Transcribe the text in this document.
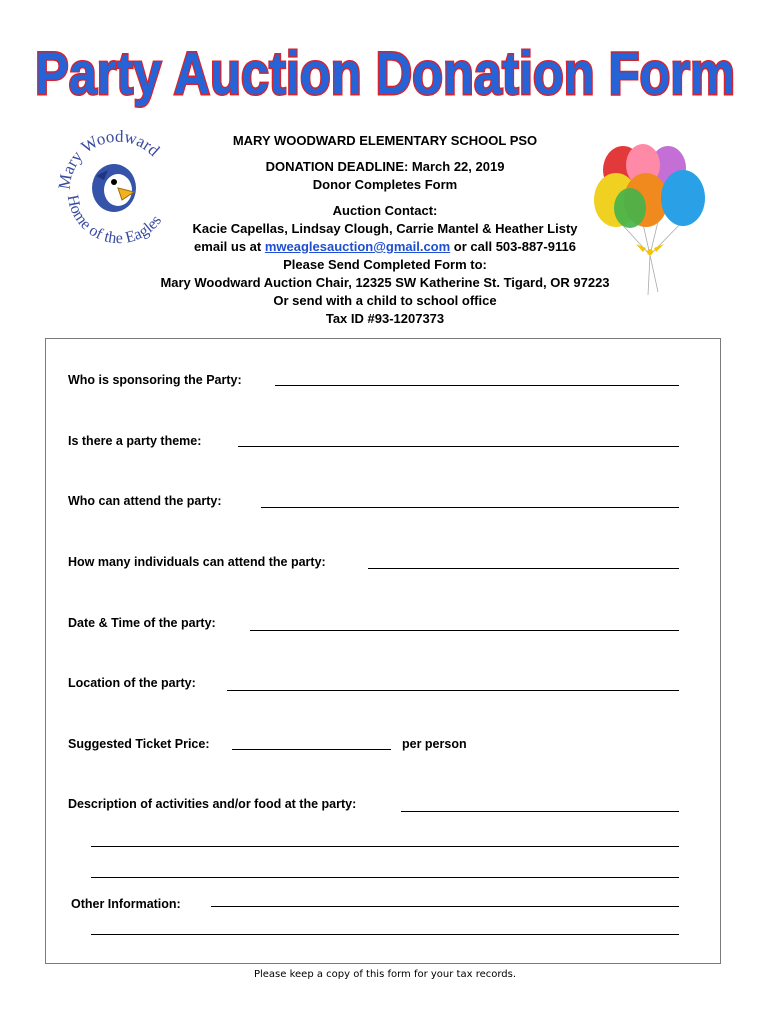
Party Auction Donation Form
Mary Woodward
Home of the Eagles
MARY WOODWARD ELEMENTARY SCHOOL PSO
DONATION DEADLINE: March 22, 2019
Donor Completes Form
Auction Contact:
Kacie Capellas, Lindsay Clough, Carrie Mantel & Heather Listy
email us at mweaglesauction@gmail.com or call 503-887-9116
Please Send Completed Form to:
Mary Woodward Auction Chair, 12325 SW Katherine St. Tigard, OR 97223
Or send with a child to school office
Tax ID #93-1207373
Who is sponsoring the Party:
Is there a party theme:
Who can attend the party:
How many individuals can attend the party:
Date & Time of the party:
Location of the party:
Suggested Ticket Price:	per person
Description of activities and/or food at the party:
Other Information:
Please keep a copy of this form for your tax records.
